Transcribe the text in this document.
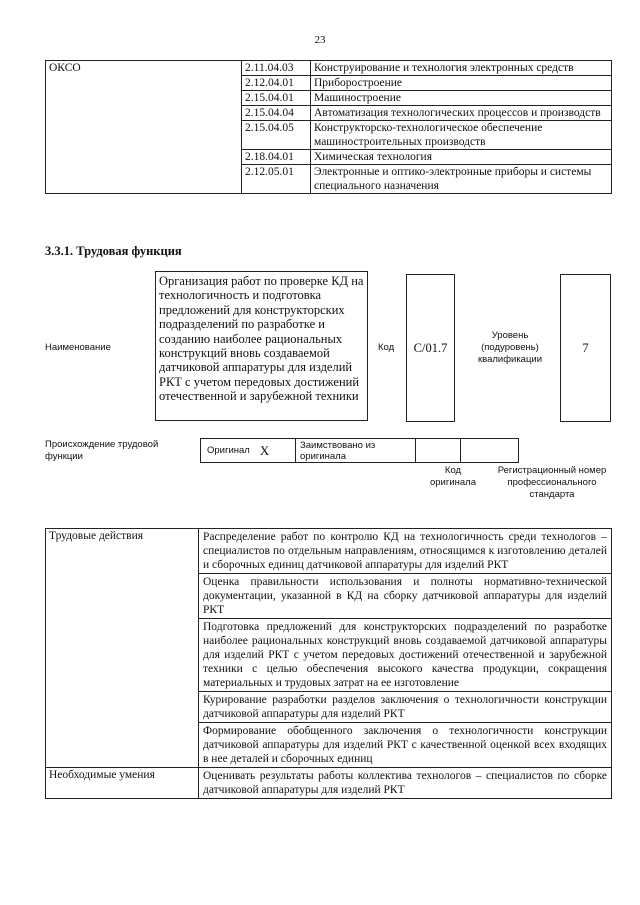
23
ОКСО	2.11.04.03	Конструирование и технология электронных средств
	2.12.04.01	Приборостроение
	2.15.04.01	Машиностроение
	2.15.04.04	Автоматизация технологических процессов и производств
	2.15.04.05	Конструкторско-технологическое обеспечение машиностроительных производств
	2.18.04.01	Химическая технология
	2.12.05.01	Электронные и оптико-электронные приборы и системы специального назначения
3.3.1. Трудовая функция
Наименование
Организация работ по проверке КД на технологичность и подготовка предложений для конструкторских подразделений по разработке и созданию наиболее рациональных конструкций вновь создаваемой датчиковой аппаратуры для изделий РКТ с учетом передовых достижений отечественной и зарубежной техники
Код С/01.7
Уровень (подуровень) квалификации
7
Происхождение трудовой функции
Оригинал X	Заимствовано из оригинала
Код оригинала
Регистрационный номер профессионального стандарта
Трудовые действия	Распределение работ по контролю КД на технологичность среди технологов – специалистов по отдельным направлениям, относящимся к изготовлению деталей и сборочных единиц датчиковой аппаратуры для изделий РКТ
	Оценка правильности использования и полноты нормативно-технической документации, указанной в КД на сборку датчиковой аппаратуры для изделий РКТ
	Подготовка предложений для конструкторских подразделений по разработке наиболее рациональных конструкций вновь создаваемой датчиковой аппаратуры для изделий РКТ с учетом передовых достижений отечественной и зарубежной техники с целью обеспечения высокого качества продукции, сокращения материальных и трудовых затрат на ее изготовление
	Курирование разработки разделов заключения о технологичности конструкции датчиковой аппаратуры для изделий РКТ
	Формирование обобщенного заключения о технологичности конструкции датчиковой аппаратуры для изделий РКТ с качественной оценкой всех входящих в нее деталей и сборочных единиц
Необходимые умения	Оценивать результаты работы коллектива технологов – специалистов по сборке датчиковой аппаратуры для изделий РКТ
